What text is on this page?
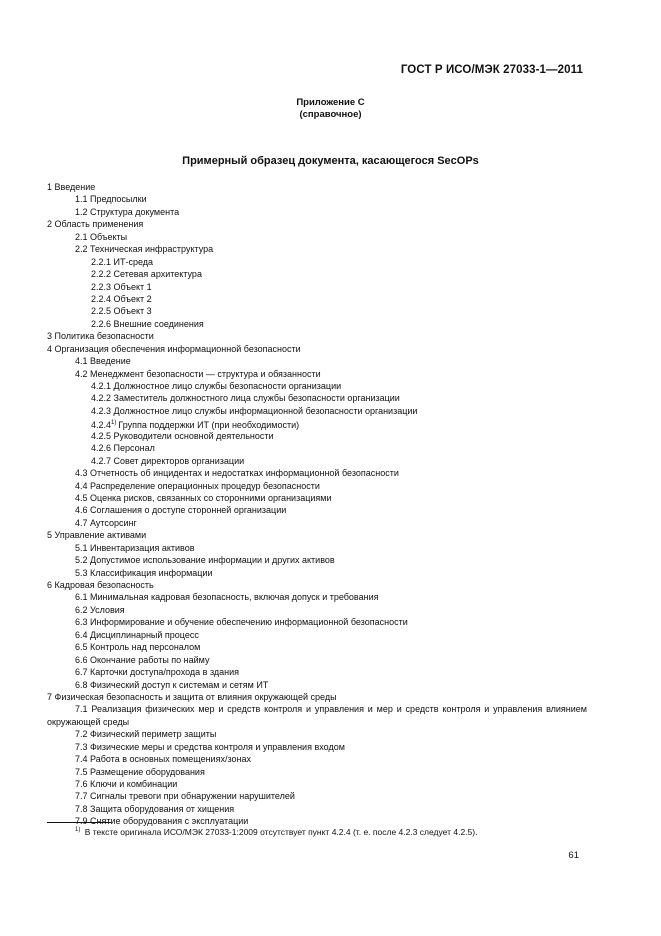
ГОСТ Р ИСО/МЭК 27033-1—2011
Приложение С
(справочное)
Примерный образец документа, касающегося SecOPs
1 Введение
1.1 Предпосылки
1.2 Структура документа
2 Область применения
2.1 Объекты
2.2 Техническая инфраструктура
2.2.1 ИТ-среда
2.2.2 Сетевая архитектура
2.2.3 Объект 1
2.2.4 Объект 2
2.2.5 Объект 3
2.2.6 Внешние соединения
3 Политика безопасности
4 Организация обеспечения информационной безопасности
4.1 Введение
4.2 Менеджмент безопасности — структура и обязанности
4.2.1 Должностное лицо службы безопасности организации
4.2.2 Заместитель должностного лица службы безопасности организации
4.2.3 Должностное лицо службы информационной безопасности организации
4.2.4$^{1)}$ Группа поддержки ИТ (при необходимости)
4.2.5 Руководители основной деятельности
4.2.6 Персонал
4.2.7 Совет директоров организации
4.3 Отчетность об инцидентах и недостатках информационной безопасности
4.4 Распределение операционных процедур безопасности
4.5 Оценка рисков, связанных со сторонними организациями
4.6 Соглашения о доступе сторонней организации
4.7 Аутсорсинг
5 Управление активами
5.1 Инвентаризация активов
5.2 Допустимое использование информации и других активов
5.3 Классификация информации
6 Кадровая безопасность
6.1 Минимальная кадровая безопасность, включая допуск и требования
6.2 Условия
6.3 Информирование и обучение обеспечению информационной безопасности
6.4 Дисциплинарный процесс
6.5 Контроль над персоналом
6.6 Окончание работы по найму
6.7 Карточки доступа/прохода в здания
6.8 Физический доступ к системам и сетям ИТ
7 Физическая безопасность и защита от влияния окружающей среды
7.1 Реализация физических мер и средств контроля и управления и мер и средств контроля и управления влиянием окружающей среды
7.2 Физический периметр защиты
7.3 Физические меры и средства контроля и управления входом
7.4 Работа в основных помещениях/зонах
7.5 Размещение оборудования
7.6 Ключи и комбинации
7.7 Сигналы тревоги при обнаружении нарушителей
7.8 Защита оборудования от хищения
7.9 Снятие оборудования с эксплуатации
$^{1)}$ В тексте оригинала ИСО/МЭК 27033-1:2009 отсутствует пункт 4.2.4 (т. е. после 4.2.3 следует 4.2.5).
61
